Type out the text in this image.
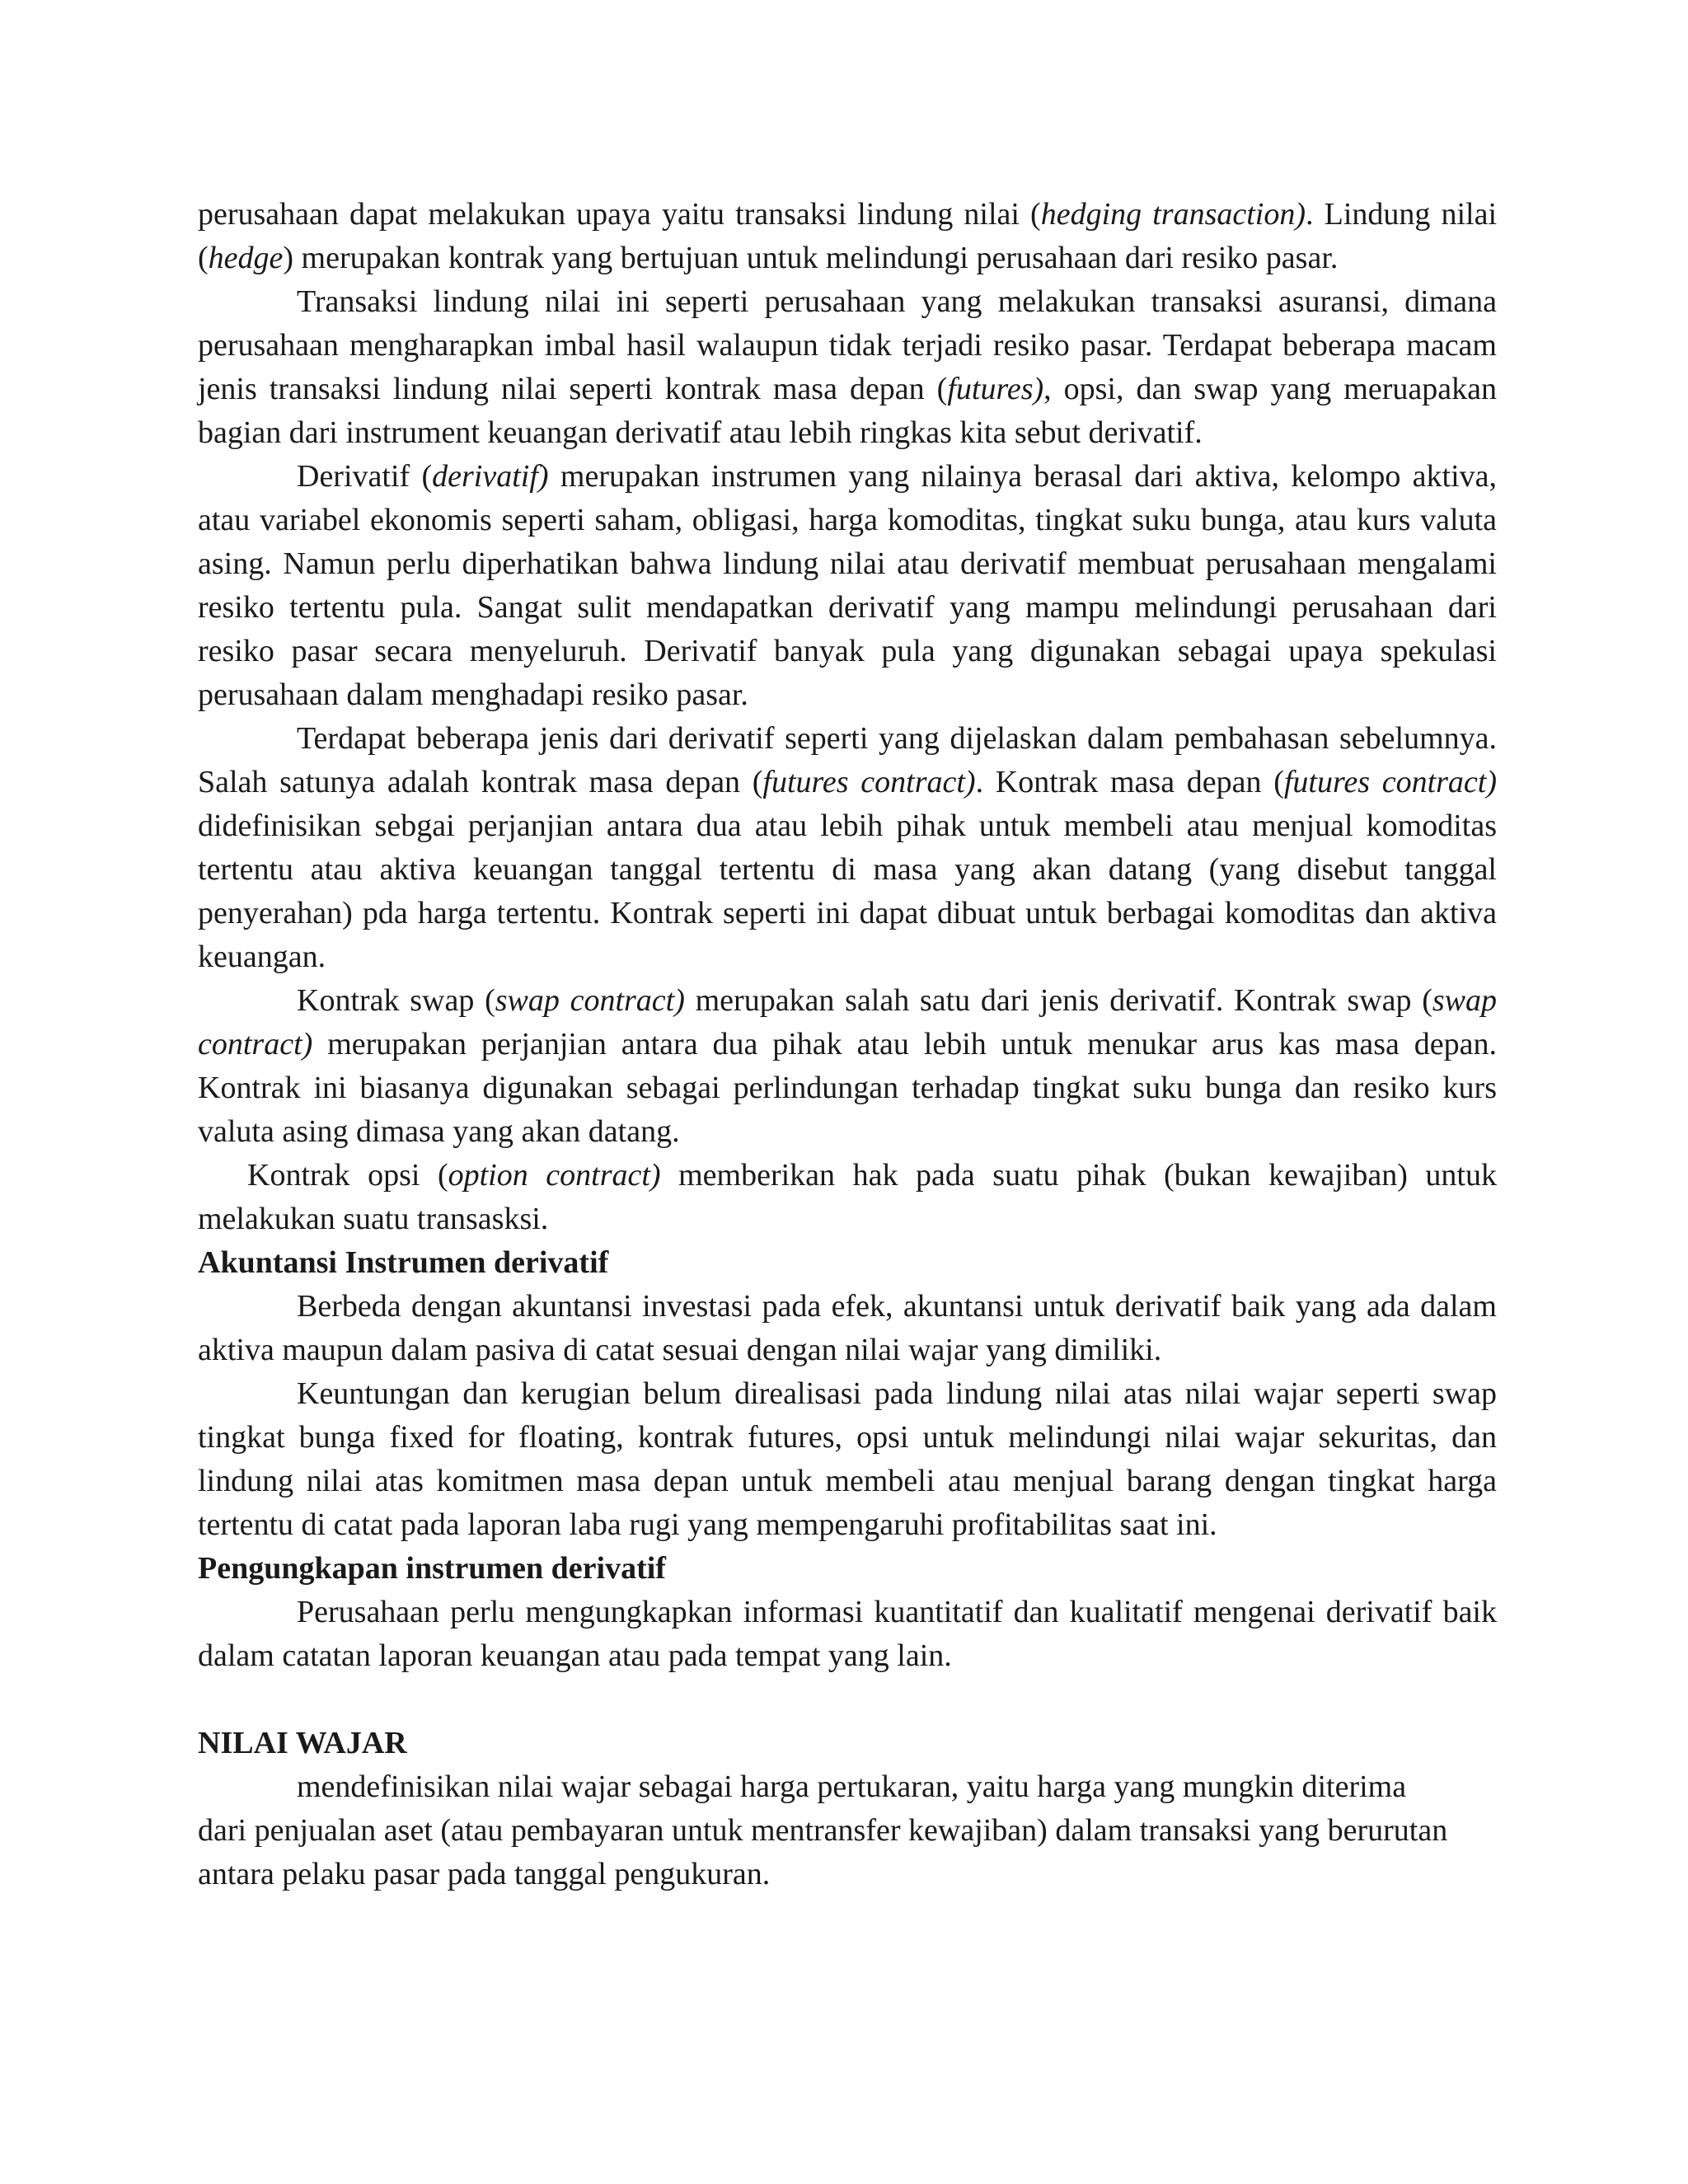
perusahaan dapat melakukan upaya yaitu transaksi lindung nilai (hedging transaction). Lindung nilai (hedge) merupakan kontrak yang bertujuan untuk melindungi perusahaan dari resiko pasar.

Transaksi lindung nilai ini seperti perusahaan yang melakukan transaksi asuransi, dimana perusahaan mengharapkan imbal hasil walaupun tidak terjadi resiko pasar. Terdapat beberapa macam jenis transaksi lindung nilai seperti kontrak masa depan (futures), opsi, dan swap yang meruapakan bagian dari instrument keuangan derivatif atau lebih ringkas kita sebut derivatif.

Derivatif (derivatif) merupakan instrumen yang nilainya berasal dari aktiva, kelompo aktiva, atau variabel ekonomis seperti saham, obligasi, harga komoditas, tingkat suku bunga, atau kurs valuta asing. Namun perlu diperhatikan bahwa lindung nilai atau derivatif membuat perusahaan mengalami resiko tertentu pula. Sangat sulit mendapatkan derivatif yang mampu melindungi perusahaan dari resiko pasar secara menyeluruh. Derivatif banyak pula yang digunakan sebagai upaya spekulasi perusahaan dalam menghadapi resiko pasar.

Terdapat beberapa jenis dari derivatif seperti yang dijelaskan dalam pembahasan sebelumnya. Salah satunya adalah kontrak masa depan (futures contract). Kontrak masa depan (futures contract) didefinisikan sebgai perjanjian antara dua atau lebih pihak untuk membeli atau menjual komoditas tertentu atau aktiva keuangan tanggal tertentu di masa yang akan datang (yang disebut tanggal penyerahan) pda harga tertentu. Kontrak seperti ini dapat dibuat untuk berbagai komoditas dan aktiva keuangan.

Kontrak swap (swap contract) merupakan salah satu dari jenis derivatif. Kontrak swap (swap contract) merupakan perjanjian antara dua pihak atau lebih untuk menukar arus kas masa depan. Kontrak ini biasanya digunakan sebagai perlindungan terhadap tingkat suku bunga dan resiko kurs valuta asing dimasa yang akan datang.

Kontrak opsi (option contract) memberikan hak pada suatu pihak (bukan kewajiban) untuk melakukan suatu transasksi.

Akuntansi Instrumen derivatif

Berbeda dengan akuntansi investasi pada efek, akuntansi untuk derivatif baik yang ada dalam aktiva maupun dalam pasiva di catat sesuai dengan nilai wajar yang dimiliki.

Keuntungan dan kerugian belum direalisasi pada lindung nilai atas nilai wajar seperti swap tingkat bunga fixed for floating, kontrak futures, opsi untuk melindungi nilai wajar sekuritas, dan lindung nilai atas komitmen masa depan untuk membeli atau menjual barang dengan tingkat harga tertentu di catat pada laporan laba rugi yang mempengaruhi profitabilitas saat ini.

Pengungkapan instrumen derivatif

Perusahaan perlu mengungkapkan informasi kuantitatif dan kualitatif mengenai derivatif baik dalam catatan laporan keuangan atau pada tempat yang lain.

NILAI WAJAR

mendefinisikan nilai wajar sebagai harga pertukaran, yaitu harga yang mungkin diterima dari penjualan aset (atau pembayaran untuk mentransfer kewajiban) dalam transaksi yang berurutan antara pelaku pasar pada tanggal pengukuran.
